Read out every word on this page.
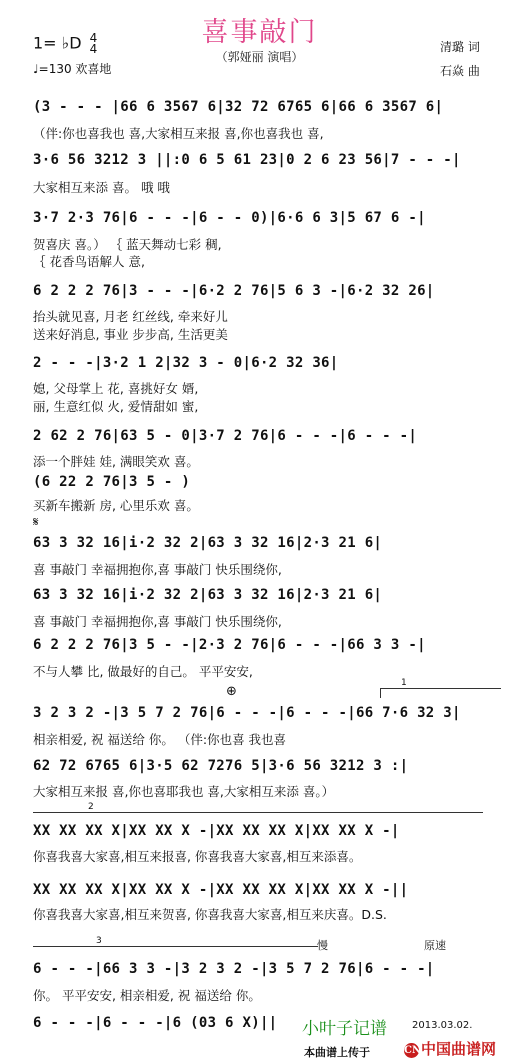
喜事敲门
（郭娅丽 演唱）
1= ♭D 4
4
♩=130 欢喜地
清璐 词
石焱 曲
(3 - - - |66 6 3567 6|32 72 6765 6|66 6 3567 6|
（伴:你也喜我也 喜,大家相互来报 喜,你也喜我也 喜,
3·6 56 3212 3 ||:0 6 5 61 23|0 2 6 23 56|7 - - -|
大家相互来添 喜。 哦 哦
3·7 2·3 76|6 - - -|6 - - 0)|6·6 6 3|5 67 6 -|
贺喜庆 喜。） ｛ 蓝天舞动七彩 稠,
｛ 花香鸟语解人 意,
6 2 2 2 76|3 - - -|6·2 2 76|5 6 3 -|6·2 32 26|
抬头就见喜, 月老 红丝线, 牵来好儿
送来好消息, 事业 步步高, 生活更美
2 - - -|3·2 1 2|32 3 - 0|6·2 32 36|
媳, 父母掌上 花, 喜挑好女 婿,
丽, 生意红似 火, 爱情甜如 蜜,
2 62 2 76|63 5 - 0|3·7 2 76|6 - - -|6 - - -|
添一个胖娃 娃, 满眼笑欢 喜。
(6 22 2 76|3 5 - )
买新车搬新 房, 心里乐欢 喜。
𝄋
63 3 32 16|i·2 32 2|63 3 32 16|2·3 21 6|
喜 事敲门 幸福拥抱你,喜 事敲门 快乐围绕你,
63 3 32 16|i·2 32 2|63 3 32 16|2·3 21 6|
喜 事敲门 幸福拥抱你,喜 事敲门 快乐围绕你,
6 2 2 2 76|3 5 - -|2·3 2 76|6 - - -|66 3 3 -|
不与人攀 比, 做最好的自己。 平平安安,
⊕
1
3 2 3 2 -|3 5 7 2 76|6 - - -|6 - - -|66 7·6 32 3|
相亲相爱, 祝 福送给 你。 （伴:你也喜 我也喜
62 72 6765 6|3·5 62 7276 5|3·6 56 3212 3 :|
大家相互来报 喜,你也喜耶我也 喜,大家相互来添 喜。）
2
XX XX XX X|XX XX X -|XX XX XX X|XX XX X -|
你喜我喜大家喜,相互来报喜, 你喜我喜大家喜,相互来添喜。
XX XX XX X|XX XX X -|XX XX XX X|XX XX X -||
你喜我喜大家喜,相互来贺喜, 你喜我喜大家喜,相互来庆喜。D.S.
3	慢	原速
6 - - -|66 3 3 -|3 2 3 2 -|3 5 7 2 76|6 - - -|
你。 平平安安, 相亲相爱, 祝 福送给 你。
6 - - -|6 - - -|6 (03 6 X)||	小叶子记谱	2013.03.02.
本曲谱上传于	CN中国曲谱网
